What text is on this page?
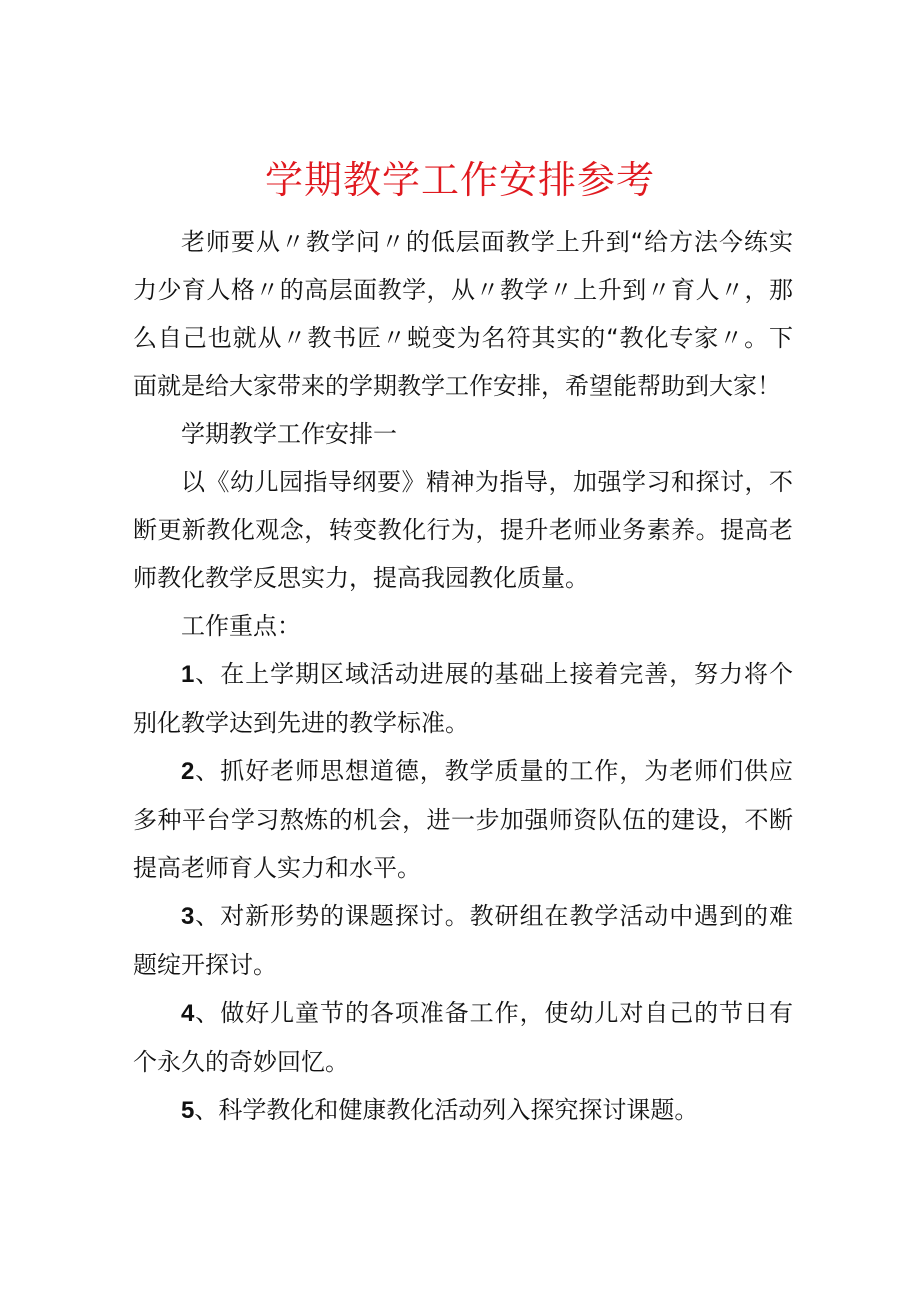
学期教学工作安排参考

老师要从〃教学问〃的低层面教学上升到“给方法今练实力少育人格〃的高层面教学，从〃教学〃上升到〃育人〃，那么自己也就从〃教书匠〃蜕变为名符其实的“教化专家〃。下面就是给大家带来的学期教学工作安排，希望能帮助到大家！

学期教学工作安排一

以《幼儿园指导纲要》精神为指导，加强学习和探讨，不断更新教化观念，转变教化行为，提升老师业务素养。提高老师教化教学反思实力，提高我园教化质量。

工作重点：

1、在上学期区域活动进展的基础上接着完善，努力将个别化教学达到先进的教学标准。

2、抓好老师思想道德，教学质量的工作，为老师们供应多种平台学习熬炼的机会，进一步加强师资队伍的建设，不断提高老师育人实力和水平。

3、对新形势的课题探讨。教研组在教学活动中遇到的难题绽开探讨。

4、做好儿童节的各项准备工作，使幼儿对自己的节日有个永久的奇妙回忆。

5、科学教化和健康教化活动列入探究探讨课题。
